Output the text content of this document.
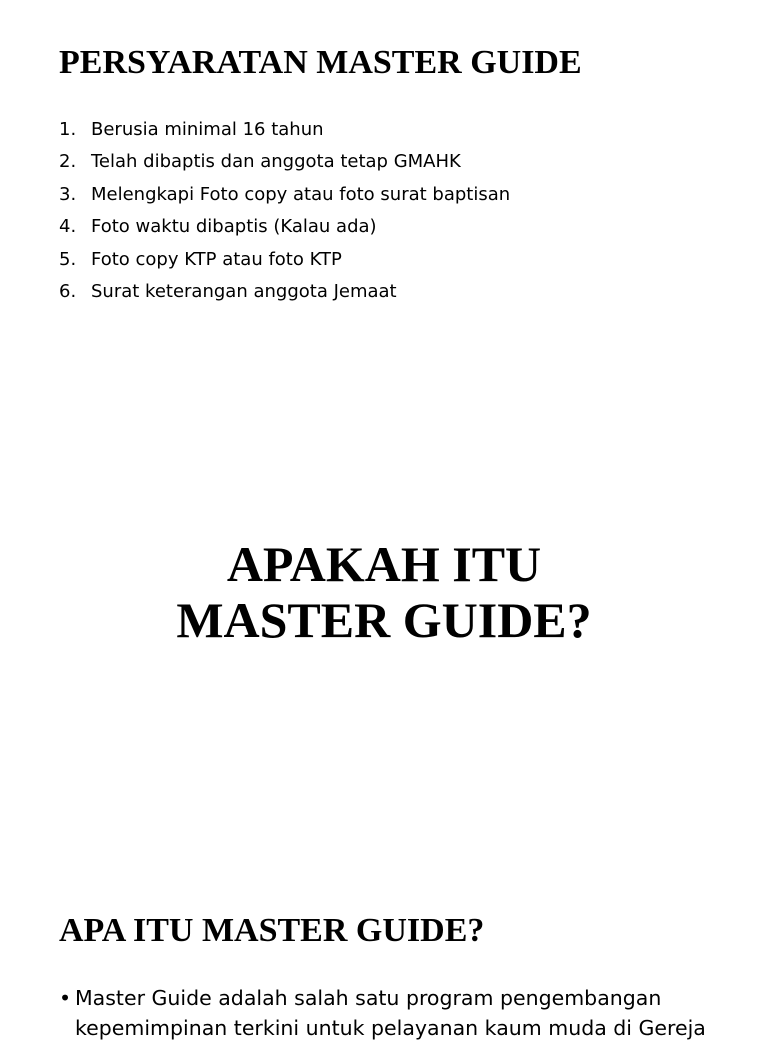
PERSYARATAN MASTER GUIDE
1. Berusia minimal 16 tahun
2. Telah dibaptis dan anggota tetap GMAHK
3. Melengkapi Foto copy atau foto surat baptisan
4. Foto waktu dibaptis (Kalau ada)
5. Foto copy KTP atau foto KTP
6. Surat keterangan anggota Jemaat
APAKAH ITU
MASTER GUIDE?
APA ITU MASTER GUIDE?
• Master Guide adalah salah satu program pengembangan kepemimpinan terkini untuk pelayanan kaum muda di Gereja
